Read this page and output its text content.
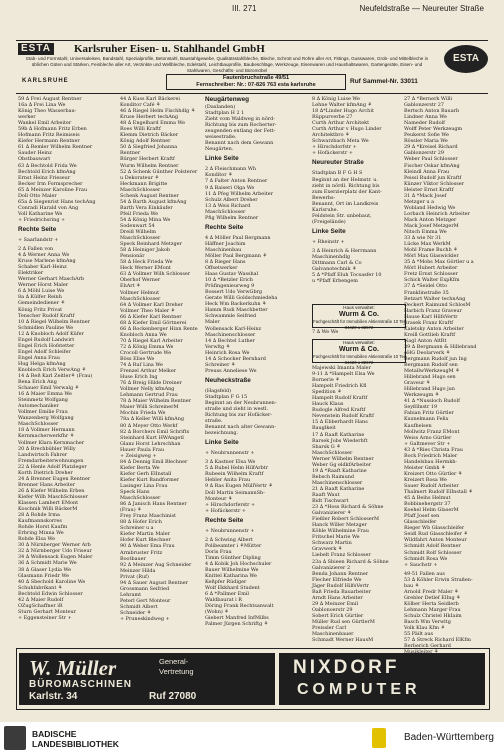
III. 271	Neufeldstraße — Neureuter Straße
ESTA Karlsruher Eisen- u. Stahlhandel GmbH
Stab- und Formstahl, Universaleisen, Bandstahl, Spezialprofile, Betonstahl, Baustahlgewebe, Qualitätsstahlbleche, Bleche, Schrott und Rohre aller Art, Fittings, Gusswaren, Grob- und Mittelbleche in üblichen Güten und Stärken, Feinbleche aller Art, Verzinkte und Wellbleche, Edelstahl, Leichtbauprofile, Baubeschläge, Werkzeuge, Eisenwaren und Haushaltswaren, Gartengeräte, Eisen- und Stahlwaren, Geschäfts- und Büromöbel
KARLSRUHE	Fautenbruchstraße 49/51
Fernschreiber: Nr.: 07-826 763 esta karlsruhe	Ruf Sammel-Nr. 33011
ESTA
59 ∆ Frei August Rentner
16a ∆ Frei Lina We
König Theo Wasserbau-
werker
Wankel Emil Arbeiter
59b ∆ Hofmann Fritz Erben
Hofmann Fritz Reimiseis
Kiefer Hermann Rentner
61 ∆ Remler Wilhelm Rentner
Sauder Heinz
Obstbauwart
63 ∆ Bechtold Frida We
Bechtold Erich kfmAng
Ernst Heinz Frieseur
Becker Irm Formsprecher
65 ∆ Meinzer Karoline Frau
Doll Otto Maler
65a ∆ Siegenrist Hans techAng
Conradi Harald von Ang
Voll Katharine We
+ Friedrichsring +
Rechte Seite
+ Saarlandstr +
2 ∆ Fallen von
4 ∆ Werner Anna We
Kruse Marlene kfmAng
Schaber Karl-Heinz
Elektriker
Werner Gerhart MaschArb
Werner Horst Maler
6 ∆ Möhl Luise We
8a ∆ Külfer Reinh
Gemeindediener ⚘
König Fritz Privat
Tenscher Rudolf Kraftf
10 ∆ Riegel Wilhelm Rentner
Schmidlen Pauline We
12 ∆ Knobloch Adolf Küfer
Engel Rudolf Landwirt
Engel Erich Hofstetter
Engel Adolf Schleifer
Engel Anna Frau
Hug Helga kfmAng
Knobloch Erich VerwAng ⚘
14 ∆ Reß Karl Zeitler⚘ (Frau)
Bena Erich Ang
Schauer Emil Verwalg ⚘
16 ∆ Maier Emma We
Steinmetz Wolfgang
Automechaniker
Vollmer Emilie Frau
Wanzenberg Wolfgang
MaschSchlosser
18 ∆ Vollmer Hermann
Kernmacherwerkfhr ⚘
Vollmer Klara Kernmacher
20 ∆ Brechbühler Willy
Landwirtsch Fahrer
Fremdarbeiterwohnungen
22 ∆ Henle Adolf Platzleger
Korth Dietrich Dreher
24 ∆ Brenner Eugen Rentner
Brenner Hans Arbeiter
26 ∆ Kiefer Wilhelm Erben
Kiefer Wilh MaschSchlosser
Klassen Lambert EMont
Koschnik Willi BäckerM
28 ∆ Rohde Irma
Kaufmannskorres
Rohde Horst Kaufm
Erbring Minna We
Rohde Elsa We
30 ∆ Nürnberger Werner Arb
32 ∆ Nürnberger Udo Friseur
34 ∆ Wollensack Eugen Maler
36 ∆ Schmidt Marie We
38 ∆ Glaser Lydia We
Glasmann Friedr We
40 ∆ Sbechold Karoline We
Schuhfabrikant ⚘
Bechtold Edwin Schlosser
42 ∆ Maier Rudolf
OZugSchaffner iR
Sturn Gerhart Monteur
+ Eggensteiner Str +
44 ∆ Kuss Karl Bäckerei
Konditor Café ⚘
46 ∆ Riegel Helm Fischhdlg ⚘
Kruse Herbert techAng
48 ∆ Engelhard Emma We
Roes Willi Kraftf
Klemm Dietrich Bäcker
König Adolf Rentner
50 ∆ Siegfried Johanna
Rentner
Bürger Herbert Kraftf
Wurm Wilhelm Rentner
52 ∆ Schenk Günther Polsterer
u Dekorateur ⚘
Heckmann Brigitte
MaschSchlosser
Schenk August Rentner
54 ∆ Barth August kfmAng
Barth Vera Einkäufer
Pfeil Frieda We
54 ∆ König Mina We
Sodenwart 54
Dreiß Wilhelm
MaschSchlosser
Speck Reinhard Metzger
58 ∆ Heiniger Jakob
Pensionär
58 ∆ Heck Frieda We
Heck Werner EMont
63 ∆ Vollmer Wilh Schlosser
Oberhof Werner
EhArt ⚘
Vollmer Helmut
MaschSchlosser
64 ∆ Vollmer Karl Dreher
Vollmer Theo Maler ⚘
66 ∆ Kiefer Karl Rentner
68 ∆ Kiefer Emil Görtnerei
66 ∆ Rockenberger Hinn Rente
Knobloch Anna We
70 ∆ Riegel Karl Arbeiter
72 ∆ König Emma We
Crocoll Gertrude We
Böss Elise We
74 ∆ Ruf Lina We
Frenzel Arthur Melker
Huse Erich Ing
76 ∆ Breig Hilde Dreiner
Vollmer Nelly kfmAng
Lehmann Gertrud Frau
78 ∆ Maier Wilhelm Rentner
Maier Willi SchreinerM
Mochin Frieda We
78a ∆ Keller Willi kfmAng
80 ∆ Meyer Otto Werkf
82 ∆ Borchers Emil Schrifts
Steinhard Kurt HWAngetl
Glanz Horst Lehrschhan
Hauer Paula Frau
+ Zeisigweg +
84 ∆ Dennig Emil Blechner
Kiefer Berta We
Kiefer Gerh ElInstall
Kiefer Kurt Bandformer
Lasinger Lina Frau
Speck Hans
MaschSchlosser
86 ∆ Janisch Hans Rentner
(Frau) ⚘
Frey Franz Maschinist
88 ∆ Hofer Erich
Schreiner u a
Kiefer Martin Maler
Hofer Kurt Blechner
90 ∆ Weber Ema Frau
Armbruster Fritz
Bootbauer
92 ∆ Meinzer Aug Schneider
Meinzer Hilda
Privat (Ruf)
94 ∆ Sauer August Rentner
Grossmann Seifried
Lehramt
Peterl Gert Monteur
Schmidt Albert
Schneider ⚘
+ Pruneskindweg +
Neugärtenweg
(Daxlanden)
Stadtplan H 2 1
Zieht vom Waldweg in nörd-
Richtung bis zum Rocherter-
zeugenden entlang der Fett-
weisestraße.
Benannt nach dem Gewann
Neugärten.
Linke Seite
2 ∆ Fleischmann Wh
Konditor ⚘
7 ∆ Falter Anton Rentner
9 ∆ Baiseri Olga We
11 ∆ Pfeg Wilhelm Arbeiter
Schulz Albert Dreher
13 ∆ Weis Richard
MaschSchlosser
Pfig Wilhelm Rentner
Rechte Seite
4 ∆ Möller Paul Bergmann
Häffner Joachim
Maschinenbau
Möller Paul Bergmann ⚘
8 ∆ Rieger Hans
Offsetwerker
Haas Gustav Wasshal
10 ∆ *Betzler Erich
Prüfingenieurweg 9
Bossert Udo VerwGbrg
Gerate Willi Goldschmiedeha
Heck Wm Backerkuhn ⚘
Hamm Rudi Maschbetter
Schwammle Seifried
Maler
Wollensack Karl-Heinz
Maschinenschlosser
14 ∆ Bechtel Luther
Verwltg ⚘
Heinrich Rosa We
14 ∆ Schocker Bernhard
Schreiner ⚘
Preuss Anneliese We
Neuheckstraße
(Hagsfeld)
Stadtplan F G 15
Beginnt an der Neubrunnen-
straße und zieht in westl.
Richtung bis zur Hofäcker-
straße.
Benannt nach alter Gewann-
bezeichnung.
Linke Seite
+ Neubrunnenstr +
3 ∆ Kastner Elsa We
5 ∆ Rubel Helm HilfArbtr
Rubeein Wilhelm Kraftf
Hebler Anita Frau
9 ∆ Ras Eugen MüllVertr ⚘
Doll Martin SeimannSh-
Monteur ⚘
+ Hirschdorferstr +
+ Hofäckerstr +
Rechte Seite
+ Neubrunnenstr +
2 ∆ Schwing Albert
Polibeamter i ⚘Mütter
Doris Frau
Timm Günther Dipling
4 ∆ Kobik Joh Hochschuler
Bauer Wilhelmine We
Knittel Katharina We
Keßpfer Rüdiger
Wolf Ekkhard Student
6 ∆ *Pallmer Emil
Waldbaurat i R
Döring Frank Rechtsanwalt
(Wohn) ⚘
Giebert Manfred InfMilbs
Palmer Jürgen Schriftg ⚘
8 ∆ König Luise We
Lehne Walter kfmAng ⚘
18 ∆*Linder Hugo Archit
Rüppurverbe 27
Curth Arthur Architekt
Curth Arthur v Hugo Linder
Architektbro ⚘
Schwarzbach Meta We
+ Hirschdorfstr +
+ Hofäckerstr +
Neureuter Straße
Stadtplan B F G H S
Beginnt an der Helmstr. u.
zieht in nördl. Richtung bis
zum Exerzierplatz der Kant-
Bewerbs-
Benannt, Ort im Landkreis
Karlsruhe.
Feldstein Str. unbebaut,
(Freigelände)
Linke Seite
+ Rheinstr +
3 ∆ Heinrich & Herrmann
Maschinenhdlg
Dittmann Carl & Co
Galvanotechnik ⚘
5 ∆ *Pfaff Eluh Tocsasfer 10
u *Pfaff Erbengem
Haus verwaltet:
Wurm & Co.
Fachgeschäft für Immobilien Aktienstraße 10 Tel 34420 u 32672
7 ∆ We We
Haus verwaltet:
Wurm & Co.
Fachgeschäft für Immobilien Aktienstraße 10 Tel 34420 u 32672
Majewski Imanta Maler
9-11 ∆ *Hampelt Elsa We
Bornerie ⚘
Hampelt Friedrich Kfl
Spedition ⚘
Hampelt Rudolf Kraftf
Hauck Klaus
Budogle Alfred Kraftf
Nevenstein Rudolf Kraftf
15 ∆ Ebberhardt Hans
Bauglkeit
17 ∆ Raaft Katharine
Barsek Jobs Wiederhft
Sbarsk G ⚘
MaschSchlosser
Werner Wilhelm Rentner
Weber Gg eldkfArbeiter
19 ∆ *Raaft Katharine
Rebsch Raimund
Maschinenschlosser
21 ∆ Raaft Katharine
Raaft Waut
Bidt Tischwart
23 ∆ *Hoss Richard & Söhne
Galvanizierer ⚘
Fießler Robert SchlosserM
Hanck Willer Metzger
Köhle Wilhelmine Frau
Fritschel Marie We
Schwarz Martin
Gravwerk ⚘
Liebelt Franz Schlosser
23a ∆ Sbieen Richard & Söhne
Galvanizierer 2
Benda Johann Rentner
Flecher Elfriede We
Jäger Rudolf HilfsVertr
Baß Frieda Bauarbeiter
Arndt Hans Arbeiter
29 ∆ Meinzer Emil
Oablonoerstr 29
Sobert Erich Gürtler
Müller Rud sen GürtlerM
Preissler Carl
Maschinenbauer
Schmadt Werner HausM
27 ∆ *Bernerk Willi
Gablonzerstr 27
Bertsch Anton Bauarb
Lindner Anna We
Nameder Rudolf
Wolff Peter Werkzeugm
Peukerst Sofie We
Rössler Maria We
29 ∆ *Kreisel Richard
Gablonzerstr 29
Weber Paul Schlosser
Fischer Oskar kfmAng
Kleindl Anna Frau
Peissl Rudolf jun Kraftf
Künzer Viktor Schlosser
Heister Ernst Kraftf
31 ∆ *Mack Josef
Metzger u a
Wobland Hedwig We
Lorbach Heinrich Arbeiter
Mack Anton Metzger
Mack Josef MetzgerM
Nitsch Emma We
33 ∆ wie Nr 31
Lücke Max WerkM
Mohl Frame Buchh ⚘
Mörl Max Glaswickler
35 ∆ *Mohs Max Görtler u a
Mörl Hubert Arbeiter
Fretz Ernst Schlosser
Schick Walter ExpKfm
37 ∆ *Seidel Otto
Franklinstraße 35
Betzart Walter technAng
Deckert Raimund SchlosM
Harbich Franz Graveur
Hause Karl HilfsVertr
Jirasek Franz Kraftf
Kaletsky Anton Arbeiter
Kreill Gottlieb Kraftf
Nagl Anton AltRt
39 ∆ Bergmann & Hillebrand
oHG Deolarverk ⚘
Bergmann Rudolf jun Ing
Bergmann Rudolf sen
MetallwWerkzeugM ⚘
Hillebrand Hugo sen
Graveur ⚘
Hillebrand Hugo jun
Werkzeugm ⚘
41 ∆ *Nussloch Rudolf
Seyßllnstr 19
Fabian Fritz Gürtler
Kuxnelmann Felix
Kaufhelsen
Mollwitz Franz EMont
Weiss Arno Gürtler
+ Galtmever Str +
43 ∆ *Ries Christa Frau
Bock Friedrich Maler
Handelsbau Hermkh-
Meister Gmbh ⚘
Kreizert Otto Gürtler ⚘
Kreizert Rosa We
Sauer Rudolf Arbeiter
Thalmert Rudolf ElInstall ⚘
45 ∆ Beihs Helmut
Bobbinehergstr 37
Koehel Helm GlaserM
Pfaff Josef sen
Glasschleifer
Rieger Wb Glasschleifer
Seidl Rud Glasschleifer ⚘
Wildfahrt Anton Monteur
Schmidt Adolf Rentner
Schmidt Rolf Schlosser
Schmidt Rosa We
+ Sauchstr +
49-51 Fallen aus
53 ∆ Köhler Erwin Straßen-
bau ⚘
Arnold Fredr Maler ⚘
Grebler Detlef ElIng ⚘
Kölber Herta Seidlerb
Lehmann Marger Frau
Schulz Christel HkIaim
Basch Wm Verwltg
Volk Klau Kfm ⚘
55 Päilt aus
57 ∆ Streck Richard ElKfm
Berberich Gerhard
W. Müller
BÜROMASCHINEN
Karlstr. 34	Ruf 27080
General-
Vertretung	NIXDORF
COMPUTER
BADISCHE
LANDESBIBLIOTHEK
Baden-Württemberg
